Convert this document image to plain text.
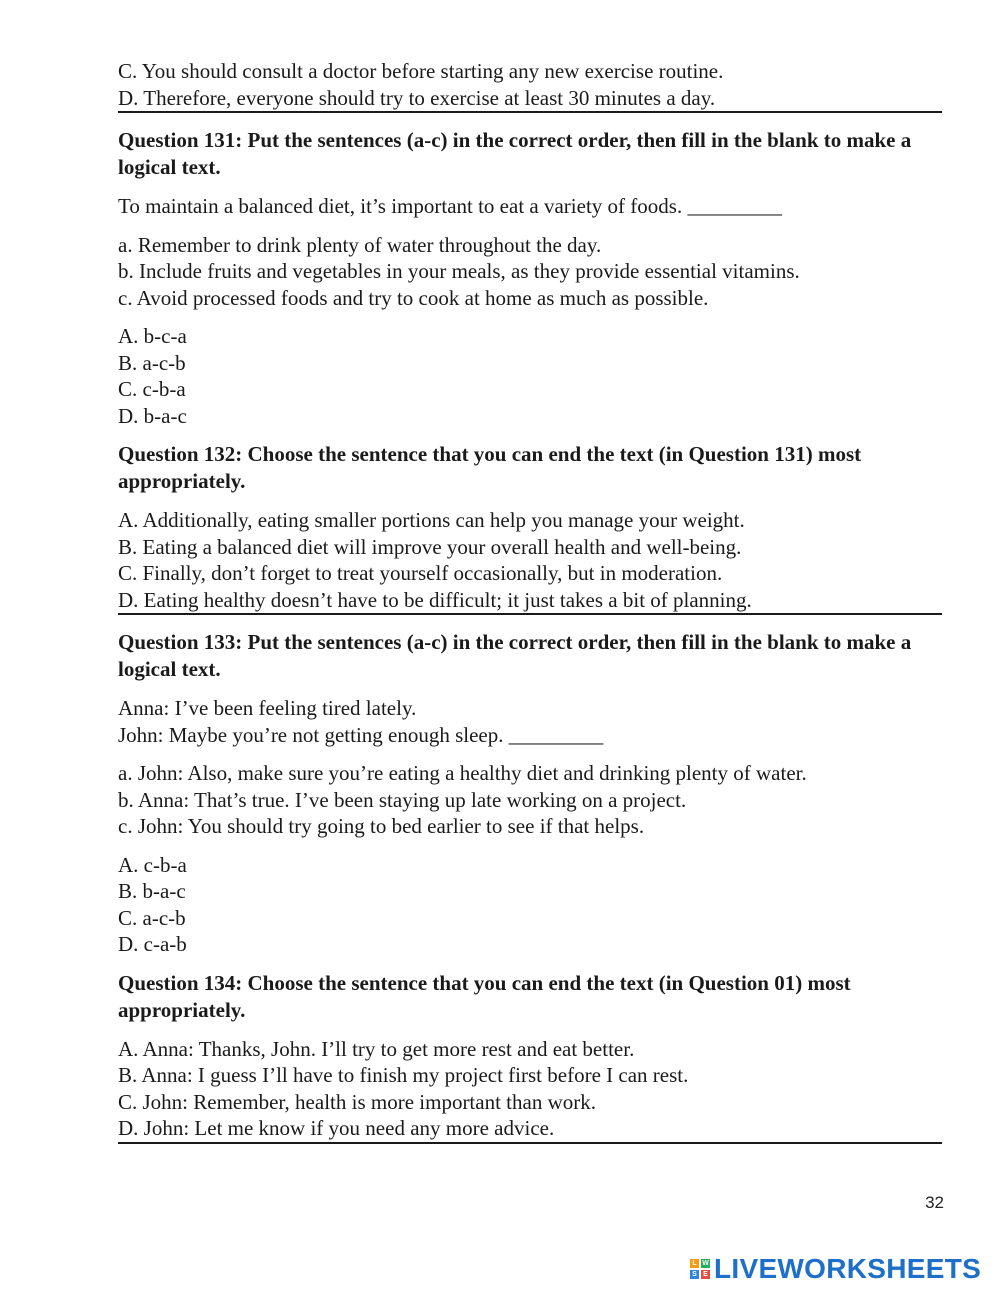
C. You should consult a doctor before starting any new exercise routine.
D. Therefore, everyone should try to exercise at least 30 minutes a day.
Question 131: Put the sentences (a-c) in the correct order, then fill in the blank to make a logical text.
To maintain a balanced diet, it’s important to eat a variety of foods. _________
a. Remember to drink plenty of water throughout the day.
b. Include fruits and vegetables in your meals, as they provide essential vitamins.
c. Avoid processed foods and try to cook at home as much as possible.
A. b-c-a
B. a-c-b
C. c-b-a
D. b-a-c
Question 132: Choose the sentence that you can end the text (in Question 131) most appropriately.
A. Additionally, eating smaller portions can help you manage your weight.
B. Eating a balanced diet will improve your overall health and well-being.
C. Finally, don’t forget to treat yourself occasionally, but in moderation.
D. Eating healthy doesn’t have to be difficult; it just takes a bit of planning.
Question 133: Put the sentences (a-c) in the correct order, then fill in the blank to make a logical text.
Anna: I’ve been feeling tired lately.
John: Maybe you’re not getting enough sleep. _________
a. John: Also, make sure you’re eating a healthy diet and drinking plenty of water.
b. Anna: That’s true. I’ve been staying up late working on a project.
c. John: You should try going to bed earlier to see if that helps.
A. c-b-a
B. b-a-c
C. a-c-b
D. c-a-b
Question 134: Choose the sentence that you can end the text (in Question 01) most appropriately.
A. Anna: Thanks, John. I’ll try to get more rest and eat better.
B. Anna: I guess I’ll have to finish my project first before I can rest.
C. John: Remember, health is more important than work.
D. John: Let me know if you need any more advice.
32
L W
S E LIVEWORKSHEETS
